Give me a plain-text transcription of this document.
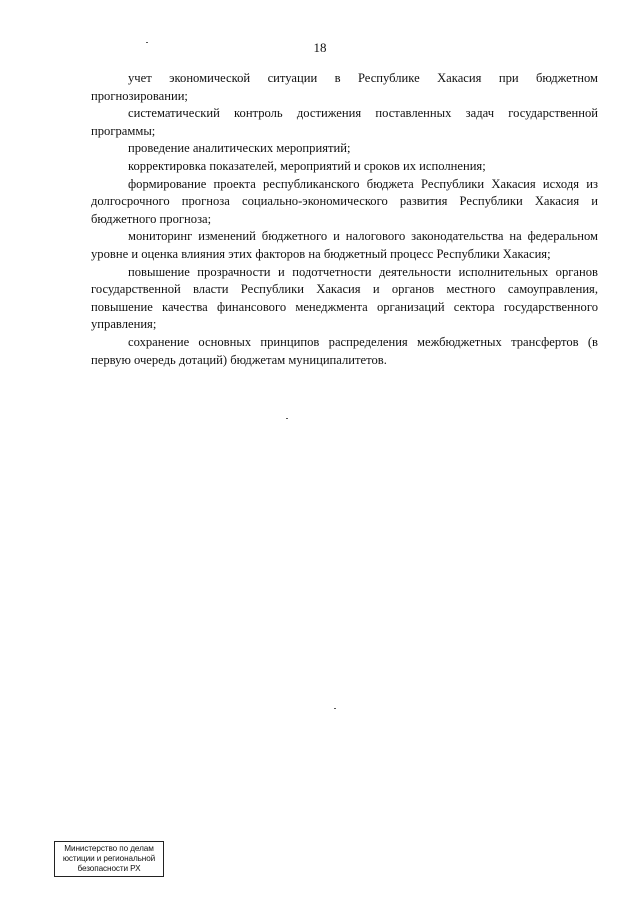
18

учет экономической ситуации в Республике Хакасия при бюджетном прогнозировании;

систематический контроль достижения поставленных задач государственной программы;

проведение аналитических мероприятий;

корректировка показателей, мероприятий и сроков их исполнения;

формирование проекта республиканского бюджета Республики Хакасия исходя из долгосрочного прогноза социально-экономического развития Республики Хакасия и бюджетного прогноза;

мониторинг изменений бюджетного и налогового законодательства на федеральном уровне и оценка влияния этих факторов на бюджетный процесс Республики Хакасия;

повышение прозрачности и подотчетности деятельности исполнительных органов государственной власти Республики Хакасия и органов местного самоуправления, повышение качества финансового менеджмента организаций сектора государственного управления;

сохранение основных принципов распределения межбюджетных трансфертов (в первую очередь дотаций) бюджетам муниципалитетов.

Министерство по делам
юстиции и региональной
безопасности РХ
